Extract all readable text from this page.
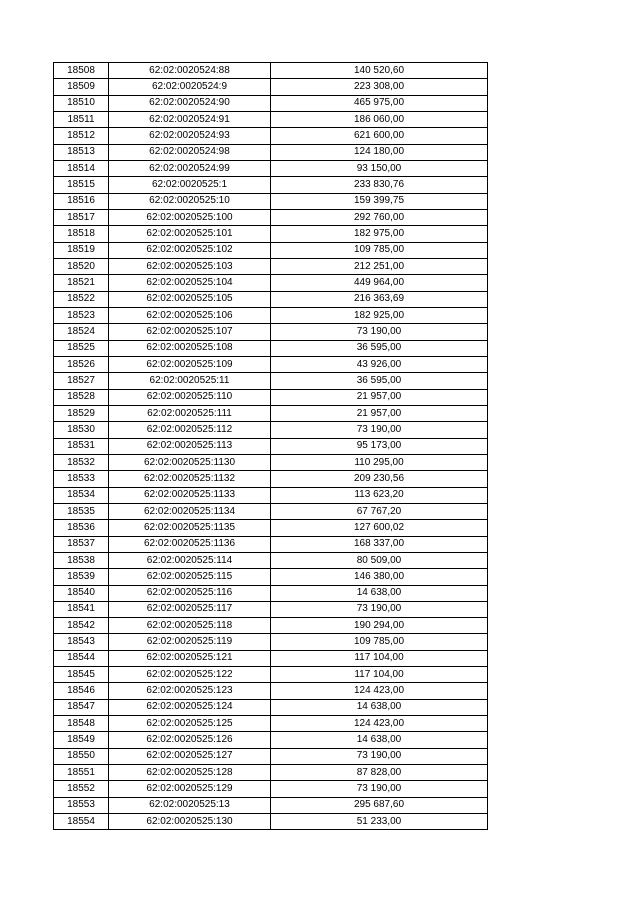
18508	62:02:0020524:88	140 520,60
18509	62:02:0020524:9	223 308,00
18510	62:02:0020524:90	465 975,00
18511	62:02:0020524:91	186 060,00
18512	62:02:0020524:93	621 600,00
18513	62:02:0020524:98	124 180,00
18514	62:02:0020524:99	93 150,00
18515	62:02:0020525:1	233 830,76
18516	62:02:0020525:10	159 399,75
18517	62:02:0020525:100	292 760,00
18518	62:02:0020525:101	182 975,00
18519	62:02:0020525:102	109 785,00
18520	62:02:0020525:103	212 251,00
18521	62:02:0020525:104	449 964,00
18522	62:02:0020525:105	216 363,69
18523	62:02:0020525:106	182 925,00
18524	62:02:0020525:107	73 190,00
18525	62:02:0020525:108	36 595,00
18526	62:02:0020525:109	43 926,00
18527	62:02:0020525:11	36 595,00
18528	62:02:0020525:110	21 957,00
18529	62:02:0020525:111	21 957,00
18530	62:02:0020525:112	73 190,00
18531	62:02:0020525:113	95 173,00
18532	62:02:0020525:1130	110 295,00
18533	62:02:0020525:1132	209 230,56
18534	62:02:0020525:1133	113 623,20
18535	62:02:0020525:1134	67 767,20
18536	62:02:0020525:1135	127 600,02
18537	62:02:0020525:1136	168 337,00
18538	62:02:0020525:114	80 509,00
18539	62:02:0020525:115	146 380,00
18540	62:02:0020525:116	14 638,00
18541	62:02:0020525:117	73 190,00
18542	62:02:0020525:118	190 294,00
18543	62:02:0020525:119	109 785,00
18544	62:02:0020525:121	117 104,00
18545	62:02:0020525:122	117 104,00
18546	62:02:0020525:123	124 423,00
18547	62:02:0020525:124	14 638,00
18548	62:02:0020525:125	124 423,00
18549	62:02:0020525:126	14 638,00
18550	62:02:0020525:127	73 190,00
18551	62:02:0020525:128	87 828,00
18552	62:02:0020525:129	73 190,00
18553	62:02:0020525:13	295 687,60
18554	62:02:0020525:130	51 233,00
